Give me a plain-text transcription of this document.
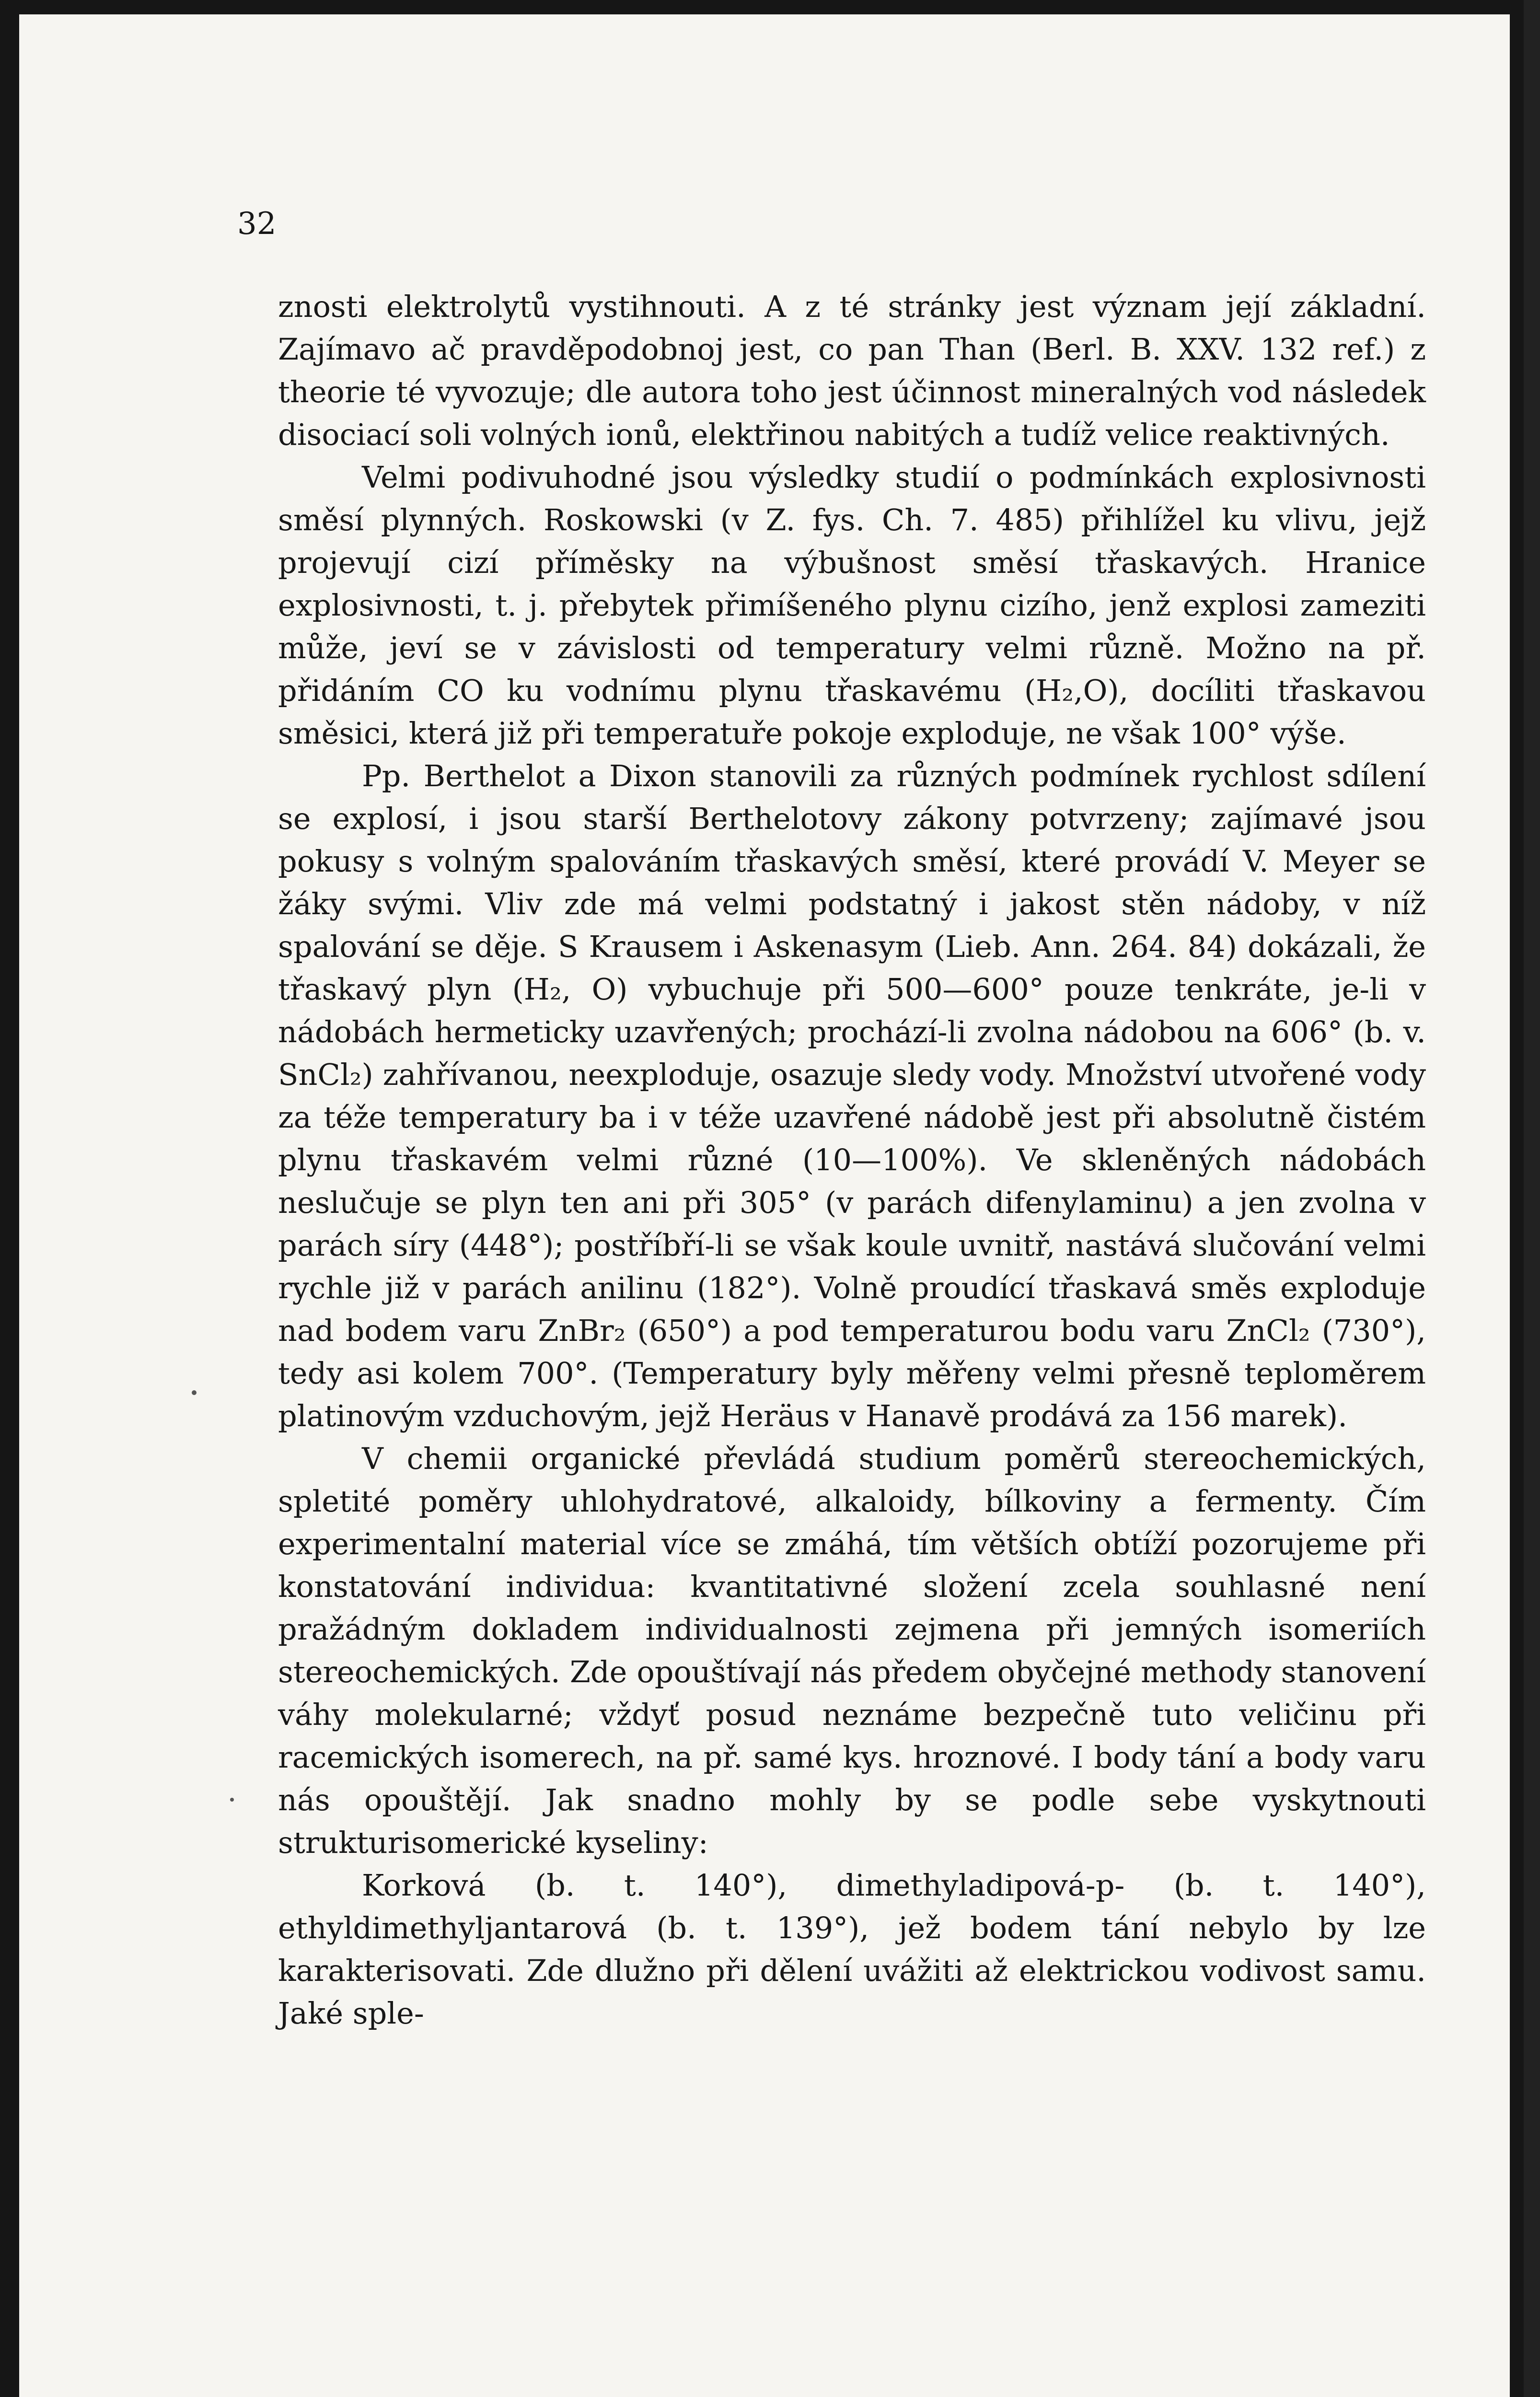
32

znosti elektrolytů vystihnouti. A z té stránky jest význam její základní. Zajímavo ač pravděpodobnoj jest, co pan Than (Berl. B. XXV. 132 ref.) z theorie té vyvozuje; dle autora toho jest účinnost mineralných vod následek disociací soli volných ionů, elektřinou nabitých a tudíž velice reaktivných.

Velmi podivuhodné jsou výsledky studií o podmínkách explosivnosti směsí plynných. Roskowski (v Z. fys. Ch. 7. 485) přihlížel ku vlivu, jejž projevují cizí příměsky na výbušnost směsí třaskavých. Hranice explosivnosti, t. j. přebytek přimíšeného plynu cizího, jenž explosi zameziti může, jeví se v závislosti od temperatury velmi různě. Možno na př. přidáním CO ku vodnímu plynu třaskavému (H₂,O), docíliti třaskavou směsici, která již při temperatuře pokoje exploduje, ne však 100° výše.

Pp. Berthelot a Dixon stanovili za různých podmínek rychlost sdílení se explosí, i jsou starší Berthelotovy zákony potvrzeny; zajímavé jsou pokusy s volným spalováním třaskavých směsí, které provádí V. Meyer se žáky svými. Vliv zde má velmi podstatný i jakost stěn nádoby, v níž spalování se děje. S Krausem i Askenasym (Lieb. Ann. 264. 84) dokázali, že třaskavý plyn (H₂, O) vybuchuje při 500—600° pouze tenkráte, je-li v nádobách hermeticky uzavřených; prochází-li zvolna nádobou na 606° (b. v. SnCl₂) zahřívanou, neexploduje, osazuje sledy vody. Množství utvořené vody za téže temperatury ba i v téže uzavřené nádobě jest při absolutně čistém plynu třaskavém velmi různé (10—100%). Ve skleněných nádobách neslučuje se plyn ten ani při 305° (v parách difenylaminu) a jen zvolna v parách síry (448°); postříbří-li se však koule uvnitř, nastává slučování velmi rychle již v parách anilinu (182°). Volně proudící třaskavá směs exploduje nad bodem varu ZnBr₂ (650°) a pod temperaturou bodu varu ZnCl₂ (730°), tedy asi kolem 700°. (Temperatury byly měřeny velmi přesně teploměrem platinovým vzduchovým, jejž Heräus v Hanavě prodává za 156 marek).

V chemii organické převládá studium poměrů stereochemických, spletité poměry uhlohydratové, alkaloidy, bílkoviny a fermenty. Čím experimentalní material více se zmáhá, tím větších obtíží pozorujeme při konstatování individua: kvantitativné složení zcela souhlasné není pražádným dokladem individualnosti zejmena při jemných isomeriích stereochemických. Zde opouštívají nás předem obyčejné methody stanovení váhy molekularné; vždyť posud neznáme bezpečně tuto veličinu při racemických isomerech, na př. samé kys. hroznové. I body tání a body varu nás opouštějí. Jak snadno mohly by se podle sebe vyskytnouti strukturisomerické kyseliny:

Korková (b. t. 140°), dimethyladipová-p- (b. t. 140°), ethyldimethyljantarová (b. t. 139°), jež bodem tání nebylo by lze karakterisovati. Zde dlužno při dělení uvážiti až elektrickou vodivost samu. Jaké sple-
